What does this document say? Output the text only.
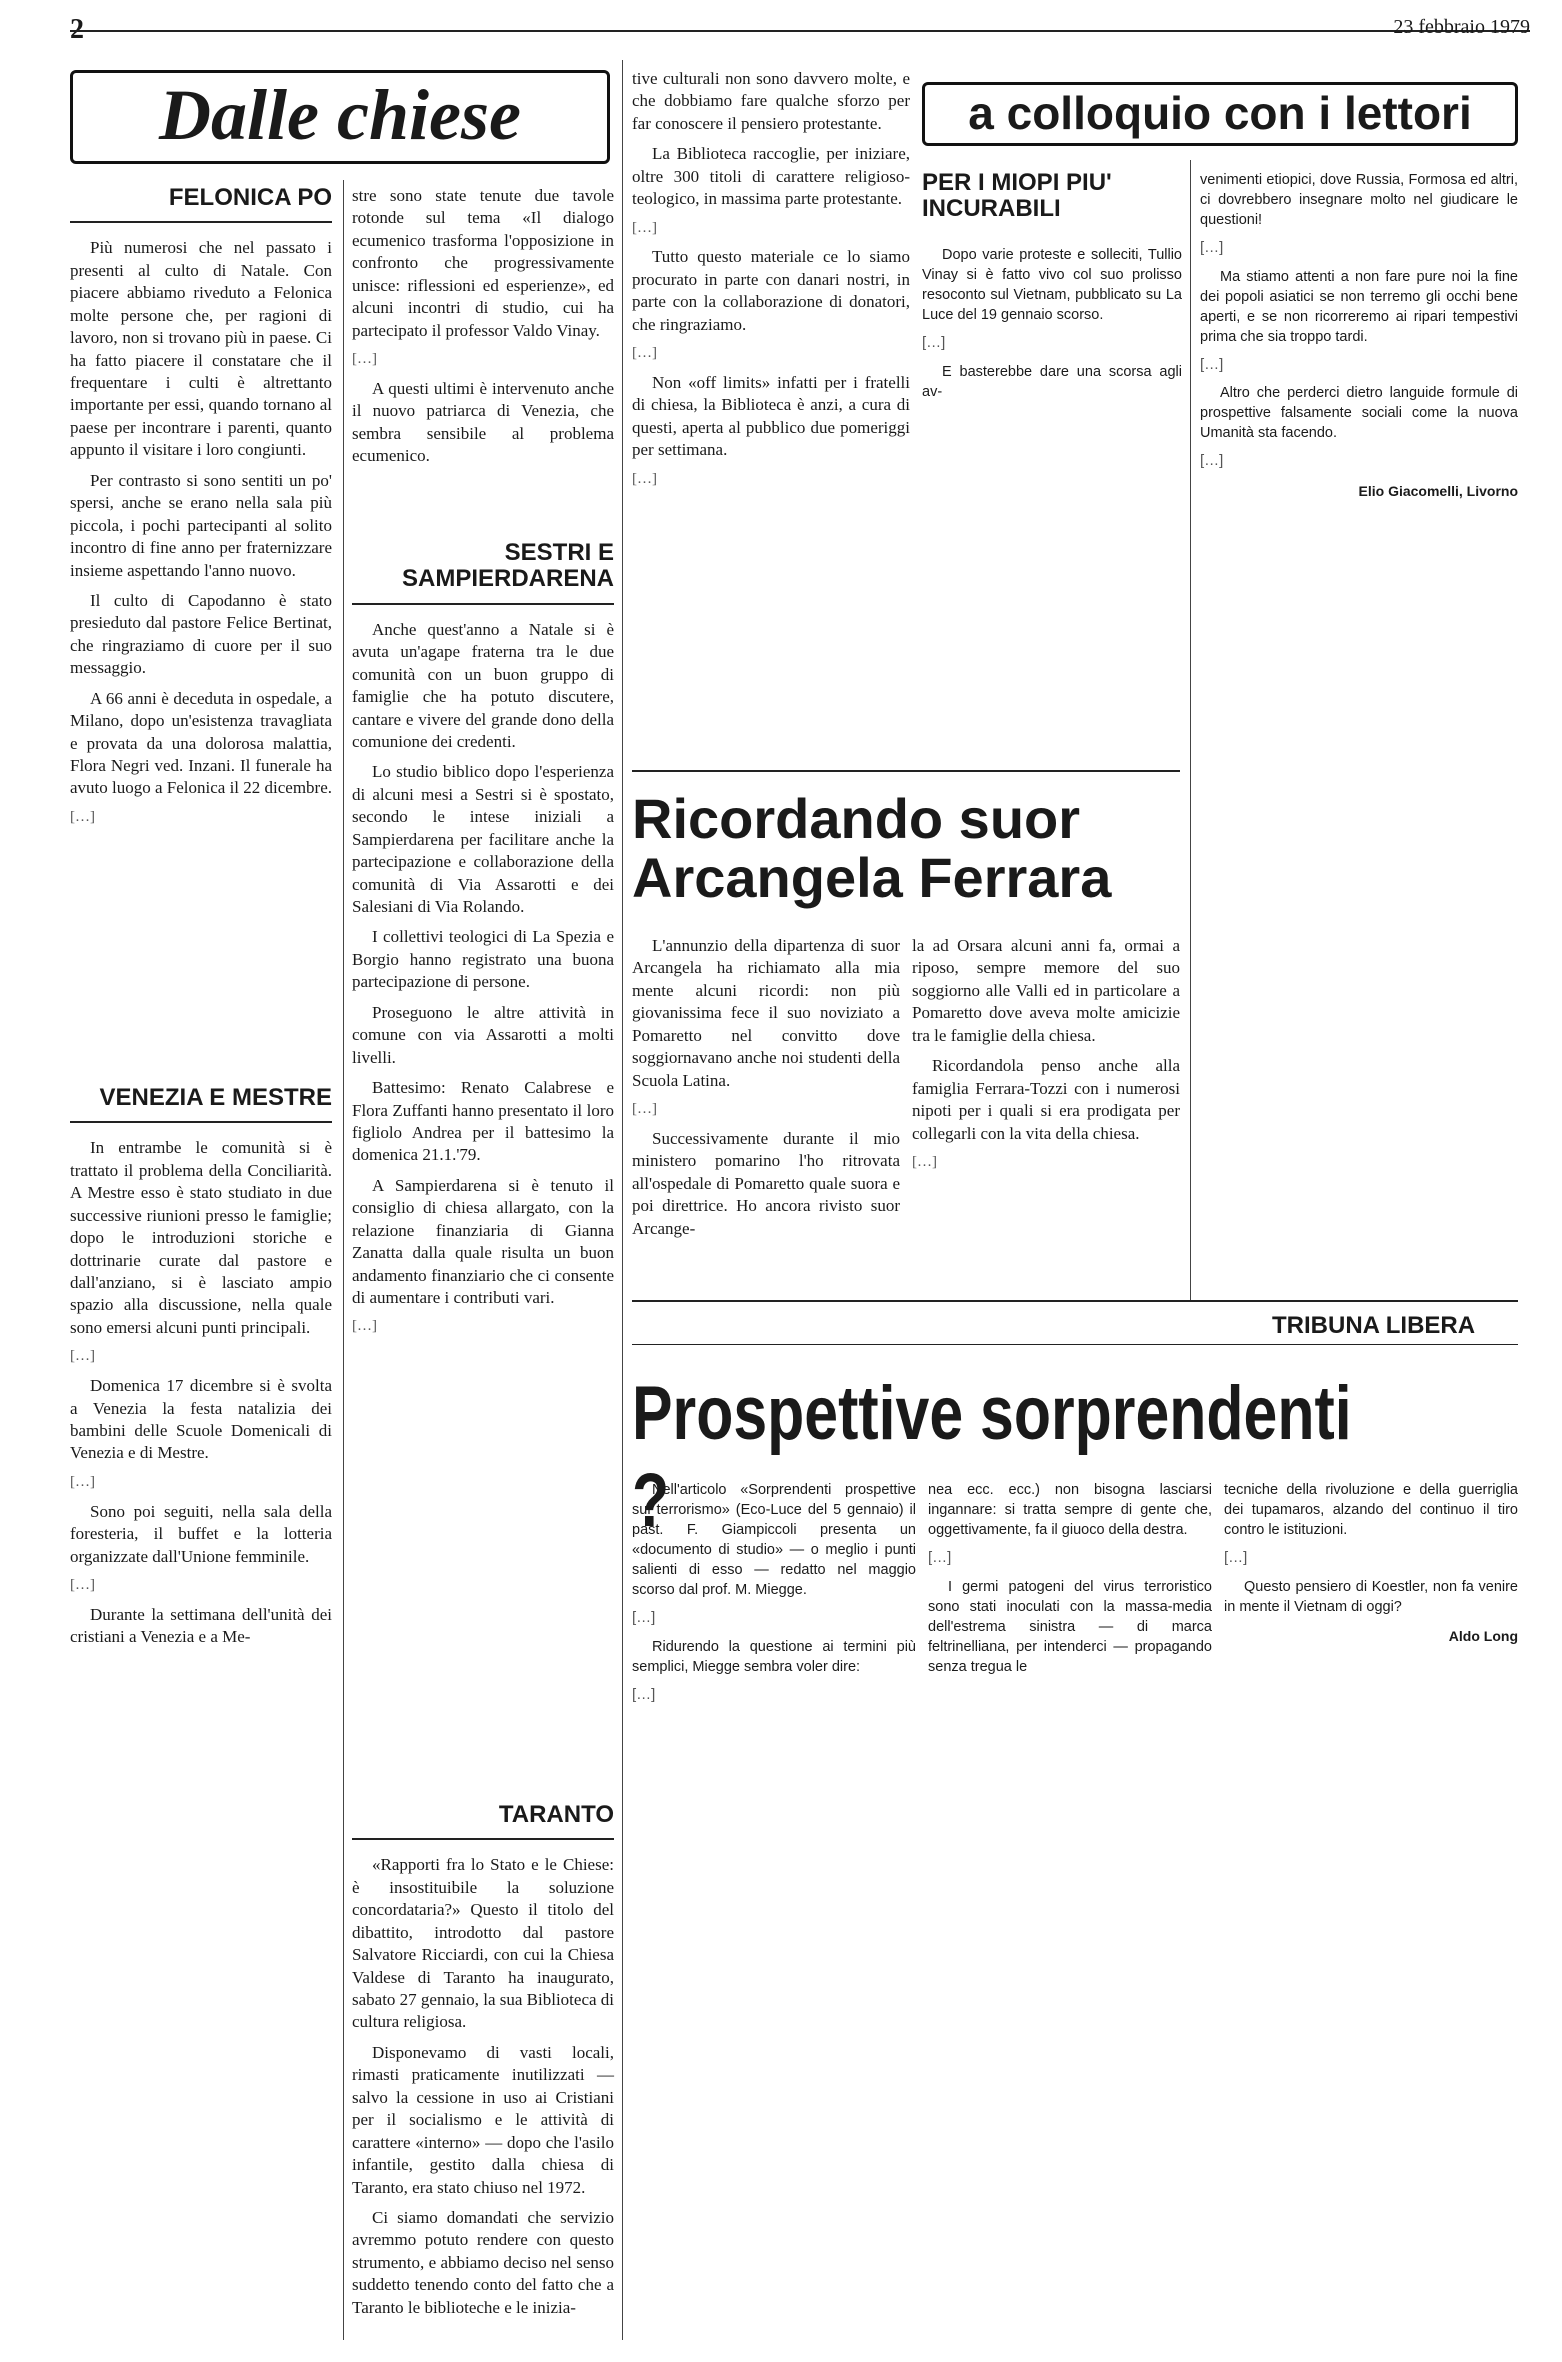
23 febbraio 1979
Dalle chiese
FELONICA PO

Più numerosi che nel passato i presenti al culto di Natale. Con piacere abbiamo riveduto a Felonica molte persone che, per ragioni di lavoro, non si trovano più in paese. Ci ha fatto piacere il constatare che il frequentare i culti è altrettanto importante per essi, quando tornano al paese per incontrare i parenti, quanto appunto il visitare i loro congiunti.

Per contrasto si sono sentiti un po' spersi, anche se erano nella sala più piccola, i pochi partecipanti al solito incontro di fine anno per fraternizzare insieme aspettando l'anno nuovo.

Il culto di Capodanno è stato presieduto dal pastore Felice Bertinat, che ringraziamo di cuore per il suo messaggio.

A 66 anni è deceduta in ospedale, a Milano, dopo un'esistenza travagliata e provata da una dolorosa malattia, Flora Negri ved. Inzani. Il funerale ha avuto luogo a Felonica il 22 dicembre.

[…]

VENEZIA E MESTRE

In entrambe le comunità si è trattato il problema della Conciliarità. A Mestre esso è stato studiato in due successive riunioni presso le famiglie; dopo le introduzioni storiche e dottrinarie curate dal pastore e dall'anziano, si è lasciato ampio spazio alla discussione, nella quale sono emersi alcuni punti principali.

[…]

Domenica 17 dicembre si è svolta a Venezia la festa natalizia dei bambini delle Scuole Domenicali di Venezia e di Mestre.

[…]

Sono poi seguiti, nella sala della foresteria, il buffet e la lotteria organizzate dall'Unione femminile.

[…]

Durante la settimana dell'unità dei cristiani a Venezia e a Me-

stre sono state tenute due tavole rotonde sul tema «Il dialogo ecumenico trasforma l'opposizione in confronto che progressivamente unisce: riflessioni ed esperienze», ed alcuni incontri di studio, cui ha partecipato il professor Valdo Vinay.

[…]

A questi ultimi è intervenuto anche il nuovo patriarca di Venezia, che sembra sensibile al problema ecumenico.

SESTRI E SAMPIERDARENA

Anche quest'anno a Natale si è avuta un'agape fraterna tra le due comunità con un buon gruppo di famiglie che ha potuto discutere, cantare e vivere del grande dono della comunione dei credenti.

Lo studio biblico dopo l'esperienza di alcuni mesi a Sestri si è spostato, secondo le intese iniziali a Sampierdarena per facilitare anche la partecipazione e collaborazione della comunità di Via Assarotti e dei Salesiani di Via Rolando.

I collettivi teologici di La Spezia e Borgio hanno registrato una buona partecipazione di persone.

Proseguono le altre attività in comune con via Assarotti a molti livelli.

Battesimo: Renato Calabrese e Flora Zuffanti hanno presentato il loro figliolo Andrea per il battesimo la domenica 21.1.'79.

A Sampierdarena si è tenuto il consiglio di chiesa allargato, con la relazione finanziaria di Gianna Zanatta dalla quale risulta un buon andamento finanziario che ci consente di aumentare i contributi vari.

[…]

TARANTO

«Rapporti fra lo Stato e le Chiese: è insostituibile la soluzione concordataria?» Questo il titolo del dibattito, introdotto dal pastore Salvatore Ricciardi, con cui la Chiesa Valdese di Taranto ha inaugurato, sabato 27 gennaio, la sua Biblioteca di cultura religiosa.

Disponevamo di vasti locali, rimasti praticamente inutilizzati — salvo la cessione in uso ai Cristiani per il socialismo e le attività di carattere «interno» — dopo che l'asilo infantile, gestito dalla chiesa di Taranto, era stato chiuso nel 1972.

Ci siamo domandati che servizio avremmo potuto rendere con questo strumento, e abbiamo deciso nel senso suddetto tenendo conto del fatto che a Taranto le biblioteche e le inizia-

tive culturali non sono davvero molte, e che dobbiamo fare qualche sforzo per far conoscere il pensiero protestante.

La Biblioteca raccoglie, per iniziare, oltre 300 titoli di carattere religioso-teologico, in massima parte protestante.

[…]

Tutto questo materiale ce lo siamo procurato in parte con danari nostri, in parte con la collaborazione di donatori, che ringraziamo.

[…]

Non «off limits» infatti per i fratelli di chiesa, la Biblioteca è anzi, a cura di questi, aperta al pubblico due pomeriggi per settimana.

[…]

a colloquio con i lettori
PER I MIOPI PIU' INCURABILI

Dopo varie proteste e solleciti, Tullio Vinay si è fatto vivo col suo prolisso resoconto sul Vietnam, pubblicato su La Luce del 19 gennaio scorso.

[…]

E basterebbe dare una scorsa agli av-

venimenti etiopici, dove Russia, Formosa ed altri, ci dovrebbero insegnare molto nel giudicare le questioni!

[…]

Ma stiamo attenti a non fare pure noi la fine dei popoli asiatici se non terremo gli occhi bene aperti, e se non ricorreremo ai ripari tempestivi prima che sia troppo tardi.

[…]

Altro che perderci dietro languide formule di prospettive falsamente sociali come la nuova Umanità sta facendo.

[…]

Elio Giacomelli, Livorno

Ricordando suor Arcangela Ferrara

L'annunzio della dipartenza di suor Arcangela ha richiamato alla mia mente alcuni ricordi: non più giovanissima fece il suo noviziato a Pomaretto nel convitto dove soggiornavano anche noi studenti della Scuola Latina.

[…]

Successivamente durante il mio ministero pomarino l'ho ritrovata all'ospedale di Pomaretto quale suora e poi direttrice. Ho ancora rivisto suor Arcange-

la ad Orsara alcuni anni fa, ormai a riposo, sempre memore del suo soggiorno alle Valli ed in particolare a Pomaretto dove aveva molte amicizie tra le famiglie della chiesa.

Ricordandola penso anche alla famiglia Ferrara-Tozzi con i numerosi nipoti per i quali si era prodigata per collegarli con la vita della chiesa.

[…]

TRIBUNA LIBERA
Prospettive sorprendenti ?

Nell'articolo «Sorprendenti prospettive sul terrorismo» (Eco-Luce del 5 gennaio) il past. F. Giampiccoli presenta un «documento di studio» — o meglio i punti salienti di esso — redatto nel maggio scorso dal prof. M. Miegge.

[…]

Ridurendo la questione ai termini più semplici, Miegge sembra voler dire:

[…]

nea ecc. ecc.) non bisogna lasciarsi ingannare: si tratta sempre di gente che, oggettivamente, fa il giuoco della destra.

[…]

I germi patogeni del virus terroristico sono stati inoculati con la massa-media dell'estrema sinistra — di marca feltrinelliana, per intenderci — propagando senza tregua le

tecniche della rivoluzione e della guerriglia dei tupamaros, alzando del continuo il tiro contro le istituzioni.

[…]

Questo pensiero di Koestler, non fa venire in mente il Vietnam di oggi?

Aldo Long
